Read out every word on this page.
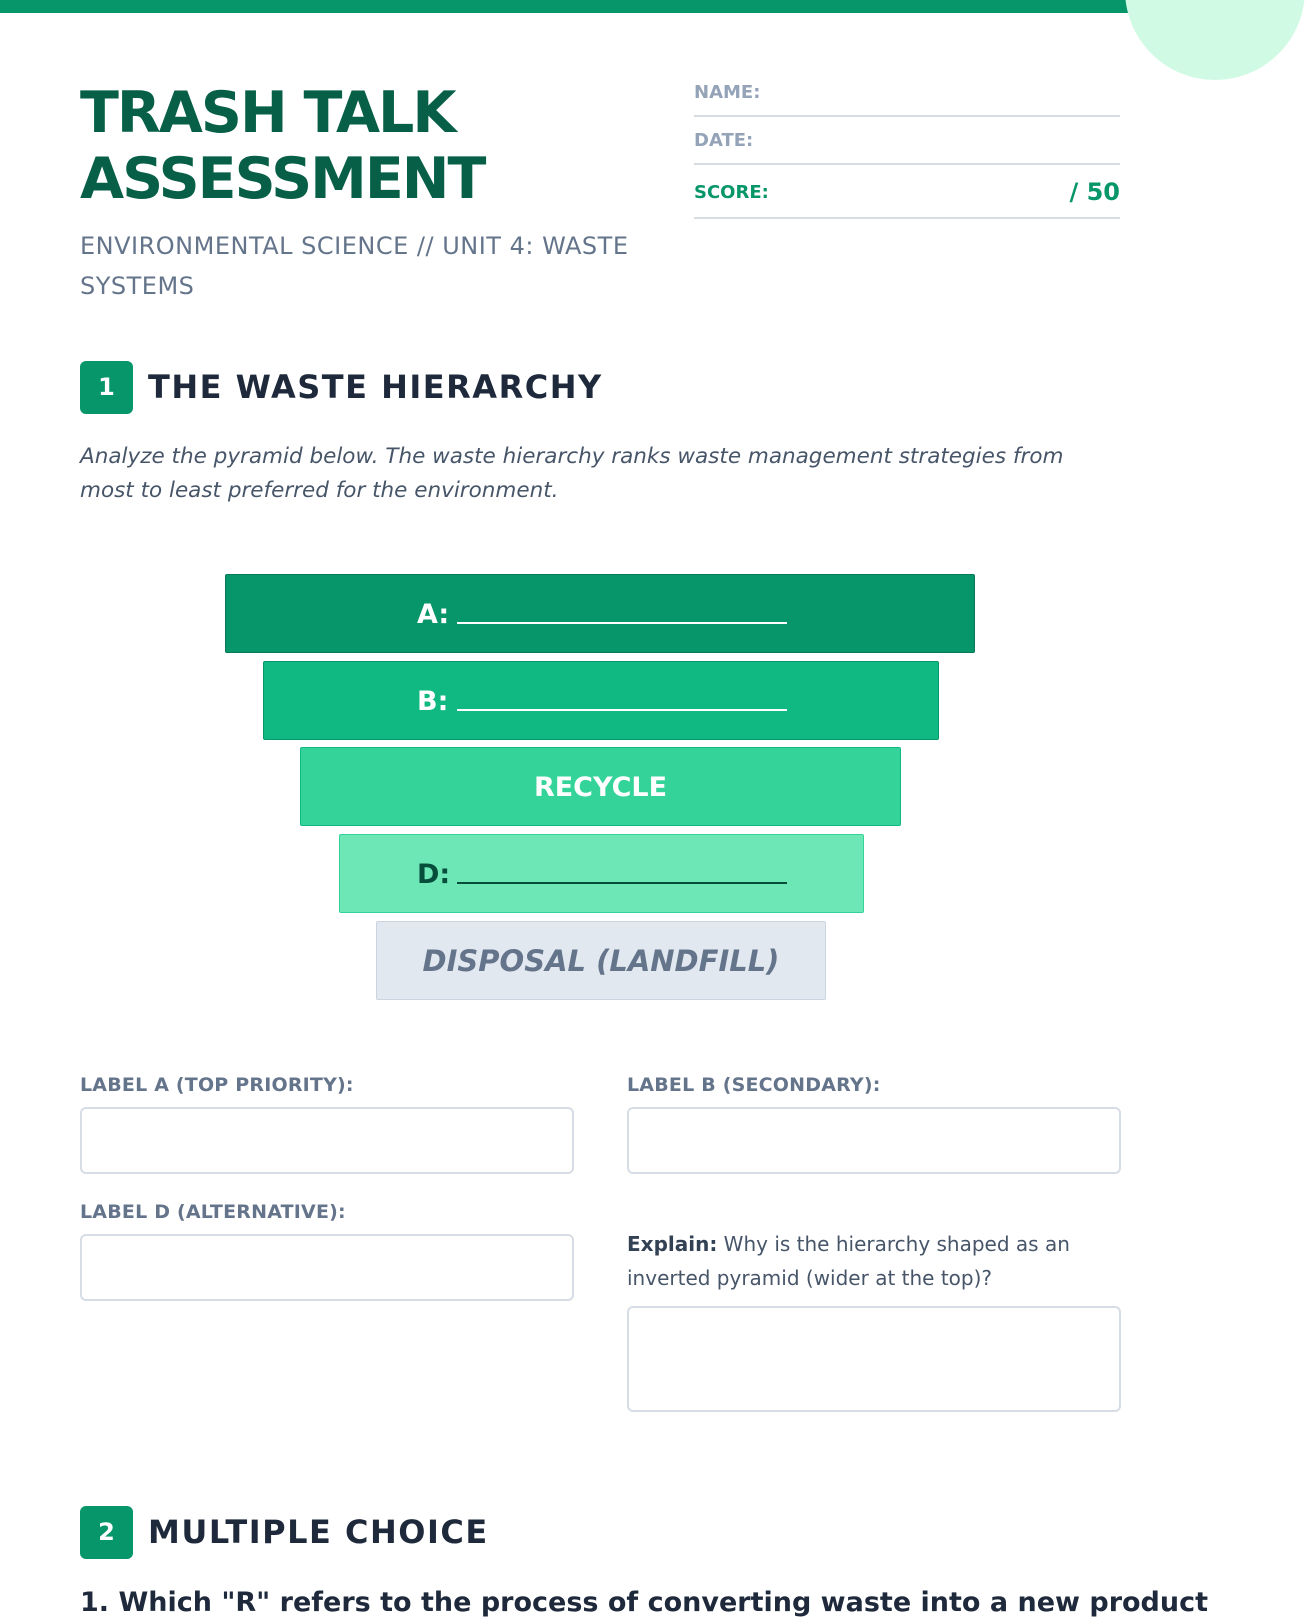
TRASH TALK
ASSESSMENT
ENVIRONMENTAL SCIENCE // UNIT 4: WASTE SYSTEMS
NAME:
DATE:
SCORE:	/ 50
1	THE WASTE HIERARCHY
Analyze the pyramid below. The waste hierarchy ranks waste management strategies from most to least preferred for the environment.
A:
B:
RECYCLE
D:
DISPOSAL (LANDFILL)
LABEL A (TOP PRIORITY):	LABEL B (SECONDARY):
LABEL D (ALTERNATIVE):
Explain: Why is the hierarchy shaped as an inverted pyramid (wider at the top)?
2	MULTIPLE CHOICE

1. Which "R" refers to the process of converting waste into a new product
